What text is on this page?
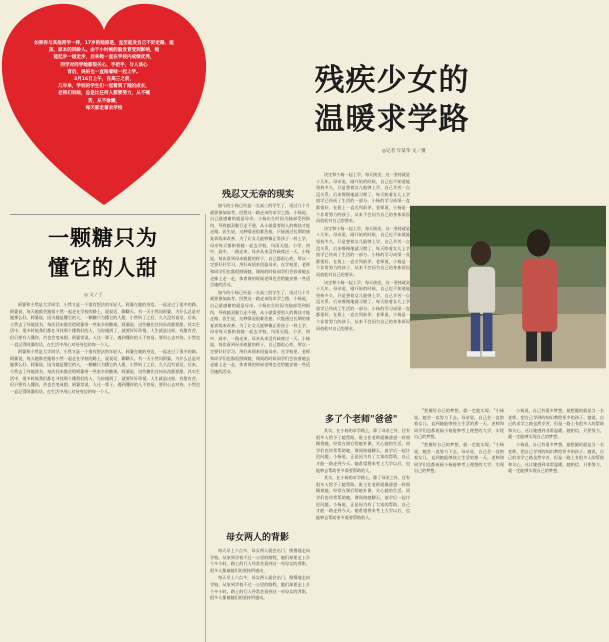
如果你与其他同学一样，17岁的她原是，直至能发自己不好走路、能
孩，原本的同龄人。由于小时候的脑发育受到影响，她
能起步一级走步，后来她一直在学校内成绩优秀，
同学对同学她都很关心，手把手，与人谈心
背后，妈妈也一直陪着她一起上学。
3月16日上午，在高三之前，
几年来，学校的学生们一起看到了她的成长，
老师们说她，总是比任何人都要努力，从不喊
苦，从不偷懒，
每天都走着去学校
一颗糖只为
懂它的人甜
◎ 文 / 子

阿婆和小然是大学同学，小然又是一个很有想法的年轻人。阿婆在她的身边，一起走过了很多的路。阿婆说，每天她都会跟着小然一起走在学校的路上，说说话，聊聊天。有一天小然问阿婆，为什么总是对她那么好。阿婆说，因为她是懂它的人，一颗糖只为懂它的人甜。小然听了之后，久久没有说话。后来，小然去了外地读书，每次回来都会给阿婆带一些家乡的糖果。阿婆说，这些糖比任何东西都要甜。其实生活中，很多时候我们都在寻找那个懂我们的人，当你遇到了，就要好好珍惜。人生就是这样，有甜有苦，但只要有人懂你，苦也会变成甜。阿婆常说，人这一辈子，遇到懂你的人不容易，要用心去对待。小然也一直记得阿婆的话，在生活中用心对待身边的每一个人。

阿婆和小然是大学同学，小然又是一个很有想法的年轻人。阿婆在她的身边，一起走过了很多的路。阿婆说，每天她都会跟着小然一起走在学校的路上，说说话，聊聊天。有一天小然问阿婆，为什么总是对她那么好。阿婆说，因为她是懂它的人，一颗糖只为懂它的人甜。小然听了之后，久久没有说话。后来，小然去了外地读书，每次回来都会给阿婆带一些家乡的糖果。阿婆说，这些糖比任何东西都要甜。其实生活中，很多时候我们都在寻找那个懂我们的人，当你遇到了，就要好好珍惜。人生就是这样，有甜有苦，但只要有人懂你，苦也会变成甜。阿婆常说，人这一辈子，遇到懂你的人不容易，要用心去对待。小然也一直记得阿婆的话，在生活中用心对待身边的每一个人。

残疾少女的
温暖求学路
◎记者 年某华 文／摄
残忍又无奈的现实

如今的小杨已经是一名高三的学生了，再过几个月就要参加高考。回想这一路走来的求学之路，小杨说，自己最感谢的就是母亲。小杨出生时因为脑部受到损伤，导致她双腿行走不便，从小就需要别人的搀扶才能走路。医生说，这种情况很难治愈，只能通过长期的康复训练来改善。为了让女儿能够像正常孩子一样上学，母亲每天都陪着她一起去学校，风雨无阻。小学、初中、高中，一路走来，母亲从来没有缺席过一天。小杨说，每次看到母亲疲惫的样子，自己都很心疼，所以一定要好好学习，用好成绩来回报母亲。在学校里，老师和同学们也都很照顾她，课间的时候同学们会扶着她去走廊上走一走，体育课的时候老师也会给她安排一些适合她的活动。

如今的小杨已经是一名高三的学生了，再过几个月就要参加高考。回想这一路走来的求学之路，小杨说，自己最感谢的就是母亲。小杨出生时因为脑部受到损伤，导致她双腿行走不便，从小就需要别人的搀扶才能走路。医生说，这种情况很难治愈，只能通过长期的康复训练来改善。为了让女儿能够像正常孩子一样上学，母亲每天都陪着她一起去学校，风雨无阻。小学、初中、高中，一路走来，母亲从来没有缺席过一天。小杨说，每次看到母亲疲惫的样子，自己都很心疼，所以一定要好好学习，用好成绩来回报母亲。在学校里，老师和同学们也都很照顾她，课间的时候同学们会扶着她去走廊上走一走，体育课的时候老师也会给她安排一些适合她的活动。

母女两人的背影

每天早上六点多，母女两人就会出门，慢慢地走向学校。从家到学校不过一公里的路程，她们却要走上半个多小时。路上的行人经常会看到这一对母女的背影，很多人都被她们的坚持所感动。

每天早上六点多，母女两人就会出门，慢慢地走向学校。从家到学校不过一公里的路程，她们却要走上半个多小时。路上的行人经常会看到这一对母女的背影，很多人都被她们的坚持所感动。

决定和小杨一起上学，每天接送，这一坚持就是十几年。母亲说，刚开始的时候，自己也不知道能坚持多久，只是想着女儿能够上学，自己辛苦一点没关系。后来慢慢地就习惯了，每天陪着女儿上学放学已经成了生活的一部分。小杨的学习成绩一直都很好，在班上一直名列前茅。老师说，小杨是一个非常努力的孩子，从来不会因为自己的身体原因而放松对自己的要求。

决定和小杨一起上学，每天接送，这一坚持就是十几年。母亲说，刚开始的时候，自己也不知道能坚持多久，只是想着女儿能够上学，自己辛苦一点没关系。后来慢慢地就习惯了，每天陪着女儿上学放学已经成了生活的一部分。小杨的学习成绩一直都很好，在班上一直名列前茅。老师说，小杨是一个非常努力的孩子，从来不会因为自己的身体原因而放松对自己的要求。

决定和小杨一起上学，每天接送，这一坚持就是十几年。母亲说，刚开始的时候，自己也不知道能坚持多久，只是想着女儿能够上学，自己辛苦一点没关系。后来慢慢地就习惯了，每天陪着女儿上学放学已经成了生活的一部分。小杨的学习成绩一直都很好，在班上一直名列前茅。老师说，小杨是一个非常努力的孩子，从来不会因为自己的身体原因而放松对自己的要求。

多了个老师"爸爸"

其实，在小杨的求学路上，除了母亲之外，还有很多人给予了她帮助。班主任老师就像爸爸一样照顾着她，经常在课后给她补课，关心她的生活。同学们也经常帮助她，课间陪她聊天，放学后一起讨论问题。小杨说，正是因为有了大家的帮助，自己才能一路走到今天。她希望将来考上大学以后，也能够去帮助更多需要帮助的人。

其实，在小杨的求学路上，除了母亲之外，还有很多人给予了她帮助。班主任老师就像爸爸一样照顾着她，经常在课后给她补课，关心她的生活。同学们也经常帮助她，课间陪她聊天，放学后一起讨论问题。小杨说，正是因为有了大家的帮助，自己才能一路走到今天。她希望将来考上大学以后，也能够去帮助更多需要帮助的人。

"把握好自己的梦想，就一定能实现。"小杨说，她会一直努力下去。母亲说，自己会一直陪着女儿，直到她能够独立生活的那一天。老师和同学们也都祝福小杨能够考上理想的大学，实现自己的梦想。

"把握好自己的梦想，就一定能实现。"小杨说，她会一直努力下去。母亲说，自己会一直陪着女儿，直到她能够独立生活的那一天。老师和同学们也都祝福小杨能够考上理想的大学，实现自己的梦想。

小杨说，自己有很多梦想，最想做的就是当一名老师，把自己学到的知识教给更多的孩子。她说，自己的求学之路虽然辛苦，但是一路上有很多人的帮助和关心，这让她感到非常温暖。她相信，只要努力，就一定能够实现自己的梦想。

小杨说，自己有很多梦想，最想做的就是当一名老师，把自己学到的知识教给更多的孩子。她说，自己的求学之路虽然辛苦，但是一路上有很多人的帮助和关心，这让她感到非常温暖。她相信，只要努力，就一定能够实现自己的梦想。
